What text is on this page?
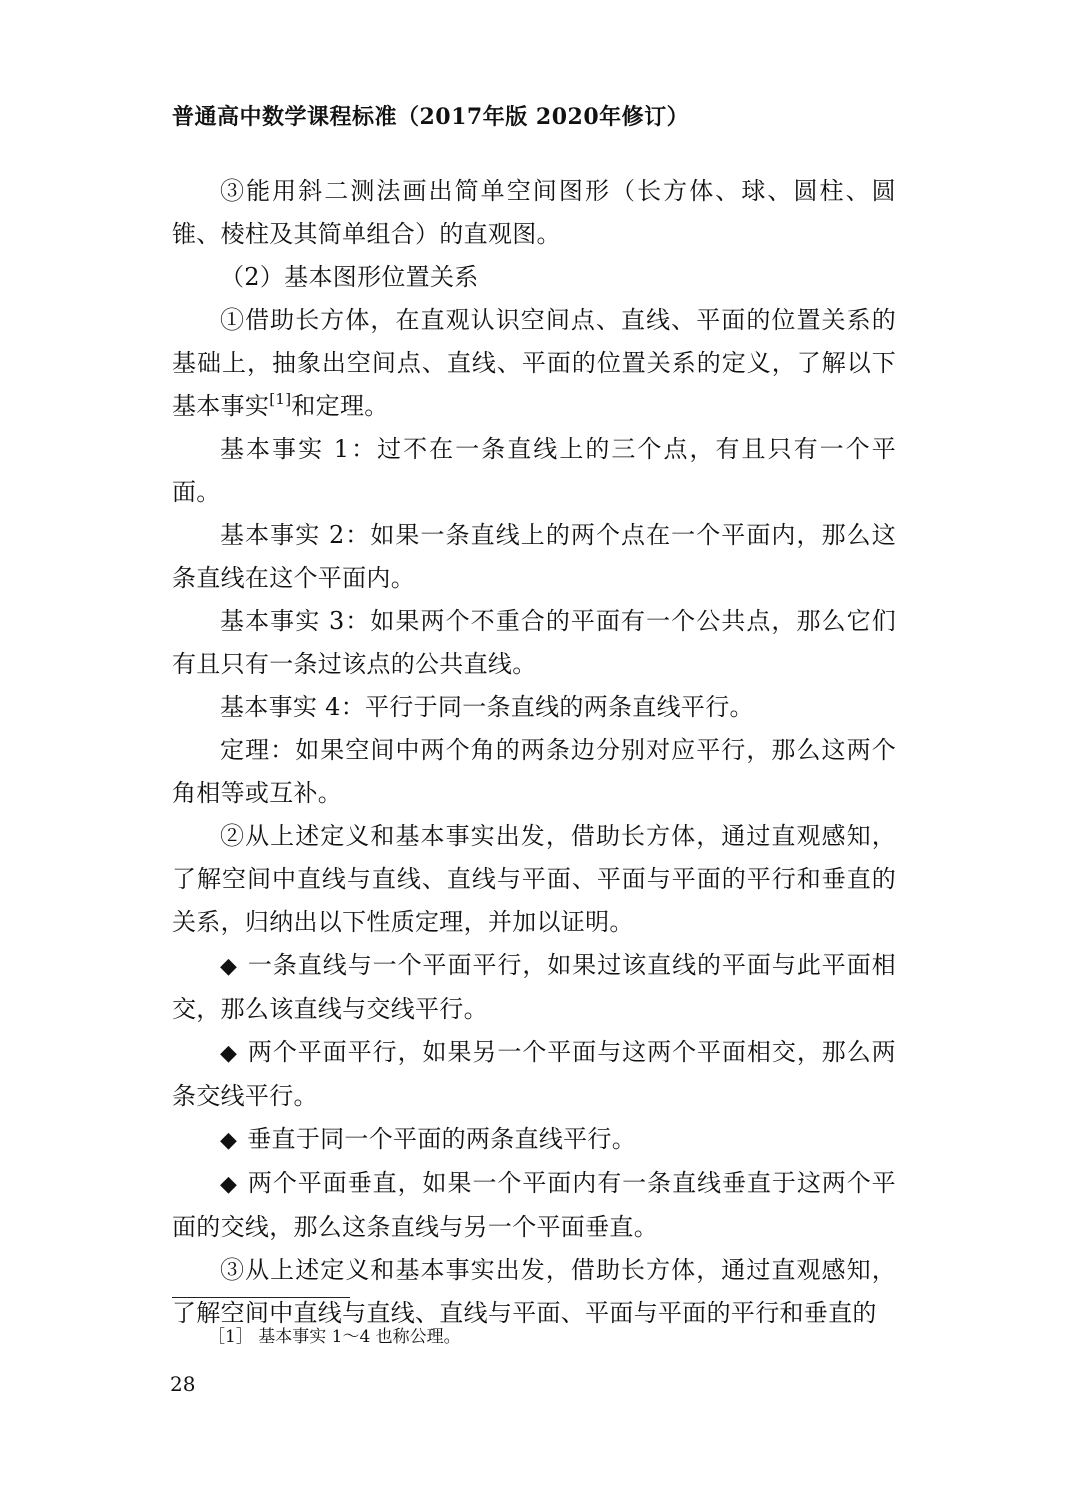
普通高中数学课程标准（2017年版 2020年修订）

③能用斜二测法画出简单空间图形（长方体、球、圆柱、圆锥、棱柱及其简单组合）的直观图。

（2）基本图形位置关系

①借助长方体，在直观认识空间点、直线、平面的位置关系的基础上，抽象出空间点、直线、平面的位置关系的定义，了解以下基本事实[1]和定理。

基本事实 1：过不在一条直线上的三个点，有且只有一个平面。

基本事实 2：如果一条直线上的两个点在一个平面内，那么这条直线在这个平面内。

基本事实 3：如果两个不重合的平面有一个公共点，那么它们有且只有一条过该点的公共直线。

基本事实 4：平行于同一条直线的两条直线平行。

定理：如果空间中两个角的两条边分别对应平行，那么这两个角相等或互补。

②从上述定义和基本事实出发，借助长方体，通过直观感知，了解空间中直线与直线、直线与平面、平面与平面的平行和垂直的关系，归纳出以下性质定理，并加以证明。

◆ 一条直线与一个平面平行，如果过该直线的平面与此平面相交，那么该直线与交线平行。

◆ 两个平面平行，如果另一个平面与这两个平面相交，那么两条交线平行。

◆ 垂直于同一个平面的两条直线平行。

◆ 两个平面垂直，如果一个平面内有一条直线垂直于这两个平面的交线，那么这条直线与另一个平面垂直。

③从上述定义和基本事实出发，借助长方体，通过直观感知，了解空间中直线与直线、直线与平面、平面与平面的平行和垂直的

［1］ 基本事实 1～4 也称公理。
28
